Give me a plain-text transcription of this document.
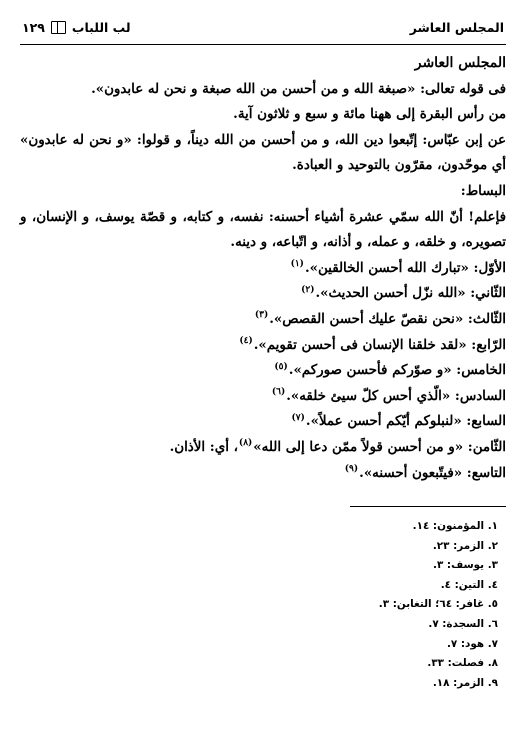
المجلس العاشر
لب اللباب
١٢٩

المجلس العاشر

فى قوله تعالى: «صبغة الله و من أحسن من الله صبغة و نحن له عابدون».

من رأس البقرة إلى ههنا مائة و سبع و ثلاثون آية.

عن إبن عبّاس: إتّبعوا دين الله، و من أحسن من الله ديناً، و قولوا: «و نحن له عابدون» أي موحّدون، مقرّون بالتوحيد و العبادة.

البساط:

فإعلم! أنّ الله سمّي عشرة أشياء أحسنه: نفسه، و كتابه، و قصّة يوسف، و الإنسان، و تصويره، و خلقه، و عمله، و أذانه، و اتّباعه، و دينه.

الأوّل: «تبارك الله أحسن الخالقين».$^{(١)}$

الثّاني: «الله نزّل أحسن الحديث».$^{(٢)}$

الثّالث: «نحن نقصّ عليك أحسن القصص».$^{(٣)}$

الرّابع: «لقد خلقنا الإنسان فى أحسن تقويم».$^{(٤)}$

الخامس: «و صوّركم فأحسن صوركم».$^{(٥)}$

السادس: «الّذي أحس كلّ سيئ خلقه».$^{(٦)}$

السابع: «لنبلوكم أيّكم أحسن عملاً».$^{(٧)}$

الثّامن: «و من أحسن قولاً ممّن دعا إلى الله»$^{(٨)}$، أي: الأذان.

التاسع: «فيتّبعون أحسنه».$^{(٩)}$

١. المؤمنون: ١٤.
٢. الزمر: ٢٣.
٣. يوسف: ٣.
٤. التين: ٤.
٥. غافر: ٦٤؛ التغابن: ٣.
٦. السجدة: ٧.
٧. هود: ٧.
٨. فصلت: ٣٣.
٩. الزمر: ١٨.
